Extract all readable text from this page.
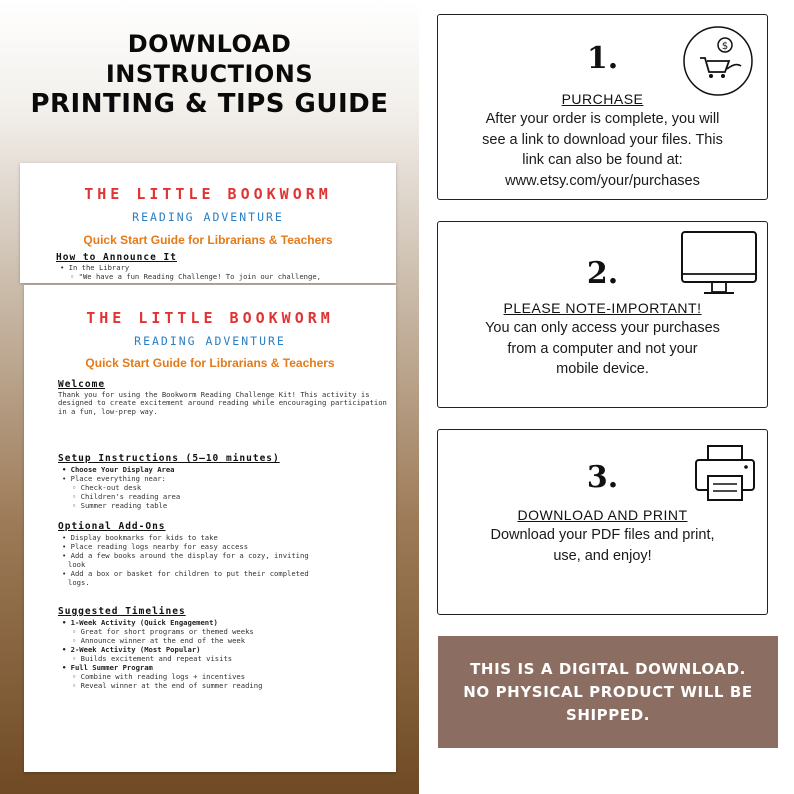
DOWNLOAD
INSTRUCTIONS
PRINTING & TIPS GUIDE
THE LITTLE BOOKWORM
READING ADVENTURE
Quick Start Guide for Librarians & Teachers
How to Announce It
• In the Library
◦ "We have a fun Reading Challenge! To join our challenge,
THE LITTLE BOOKWORM
READING ADVENTURE
Quick Start Guide for Librarians & Teachers
Welcome
Thank you for using the Bookworm Reading Challenge Kit! This activity is designed to create excitement around reading while encouraging participation in a fun, low-prep way.
Setup Instructions (5–10 minutes)
• Choose Your Display Area
• Place everything near:
◦ Check-out desk
◦ Children's reading area
◦ Summer reading table
Optional Add-Ons
• Display bookmarks for kids to take
• Place reading logs nearby for easy access
• Add a few books around the display for a cozy, inviting
look
• Add a box or basket for children to put their completed
logs.
Suggested Timelines
• 1-Week Activity (Quick Engagement)
◦ Great for short programs or themed weeks
◦ Announce winner at the end of the week
• 2-Week Activity (Most Popular)
◦ Builds excitement and repeat visits
• Full Summer Program
◦ Combine with reading logs + incentives
◦ Reveal winner at the end of summer reading
1.	$
PURCHASE
After your order is complete, you will
see a link to download your files. This
link can also be found at:
www.etsy.com/your/purchases
2.
PLEASE NOTE-IMPORTANT!
You can only access your purchases
from a computer and not your
mobile device.
3.
DOWNLOAD AND PRINT
Download your PDF files and print,
use, and enjoy!
THIS IS A DIGITAL DOWNLOAD.
NO PHYSICAL PRODUCT WILL BE
SHIPPED.
